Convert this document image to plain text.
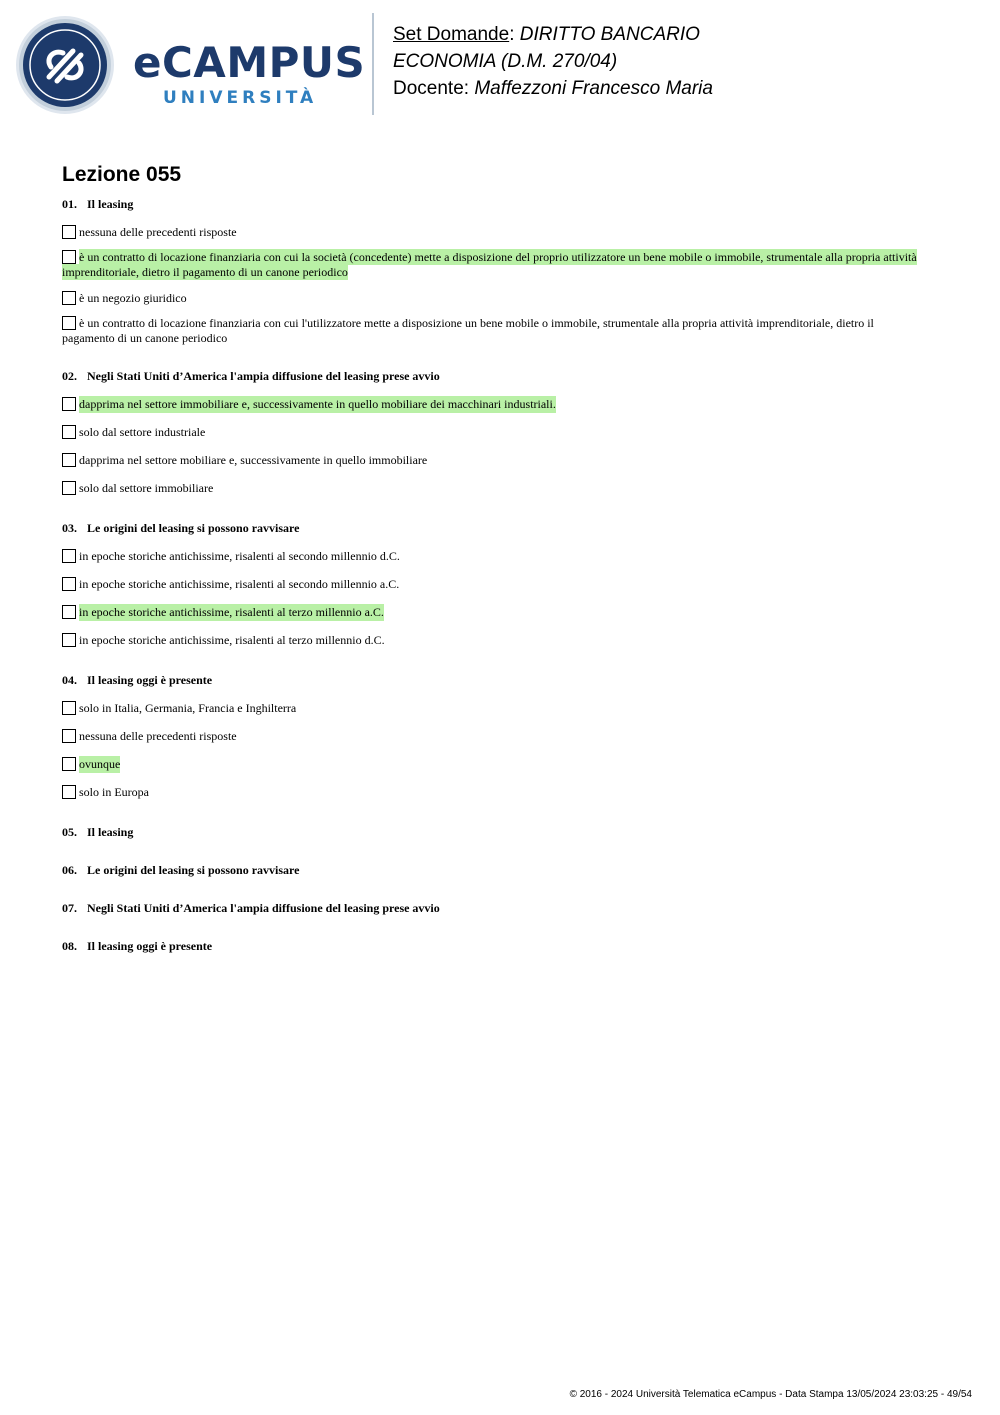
eCAMPUS
UNIVERSITÀ
Set Domande: DIRITTO BANCARIO
ECONOMIA (D.M. 270/04)
Docente: Maffezzoni Francesco Maria
Lezione 055
01. Il leasing
nessuna delle precedenti risposte
è un contratto di locazione finanziaria con cui la società (concedente) mette a disposizione del proprio utilizzatore un bene mobile o immobile, strumentale alla propria attività imprenditoriale, dietro il pagamento di un canone periodico
è un negozio giuridico
è un contratto di locazione finanziaria con cui l'utilizzatore mette a disposizione un bene mobile o immobile, strumentale alla propria attività imprenditoriale, dietro il pagamento di un canone periodico
02. Negli Stati Uniti d’America l'ampia diffusione del leasing prese avvio
dapprima nel settore immobiliare e, successivamente in quello mobiliare dei macchinari industriali.
solo dal settore industriale
dapprima nel settore mobiliare e, successivamente in quello immobiliare
solo dal settore immobiliare
03. Le origini del leasing si possono ravvisare
in epoche storiche antichissime, risalenti al secondo millennio d.C.
in epoche storiche antichissime, risalenti al secondo millennio a.C.
in epoche storiche antichissime, risalenti al terzo millennio a.C.
in epoche storiche antichissime, risalenti al terzo millennio d.C.
04. Il leasing oggi è presente
solo in Italia, Germania, Francia e Inghilterra
nessuna delle precedenti risposte
ovunque
solo in Europa
05. Il leasing
06. Le origini del leasing si possono ravvisare
07. Negli Stati Uniti d’America l'ampia diffusione del leasing prese avvio
08. Il leasing oggi è presente
© 2016 - 2024 Università Telematica eCampus - Data Stampa 13/05/2024 23:03:25 - 49/54
